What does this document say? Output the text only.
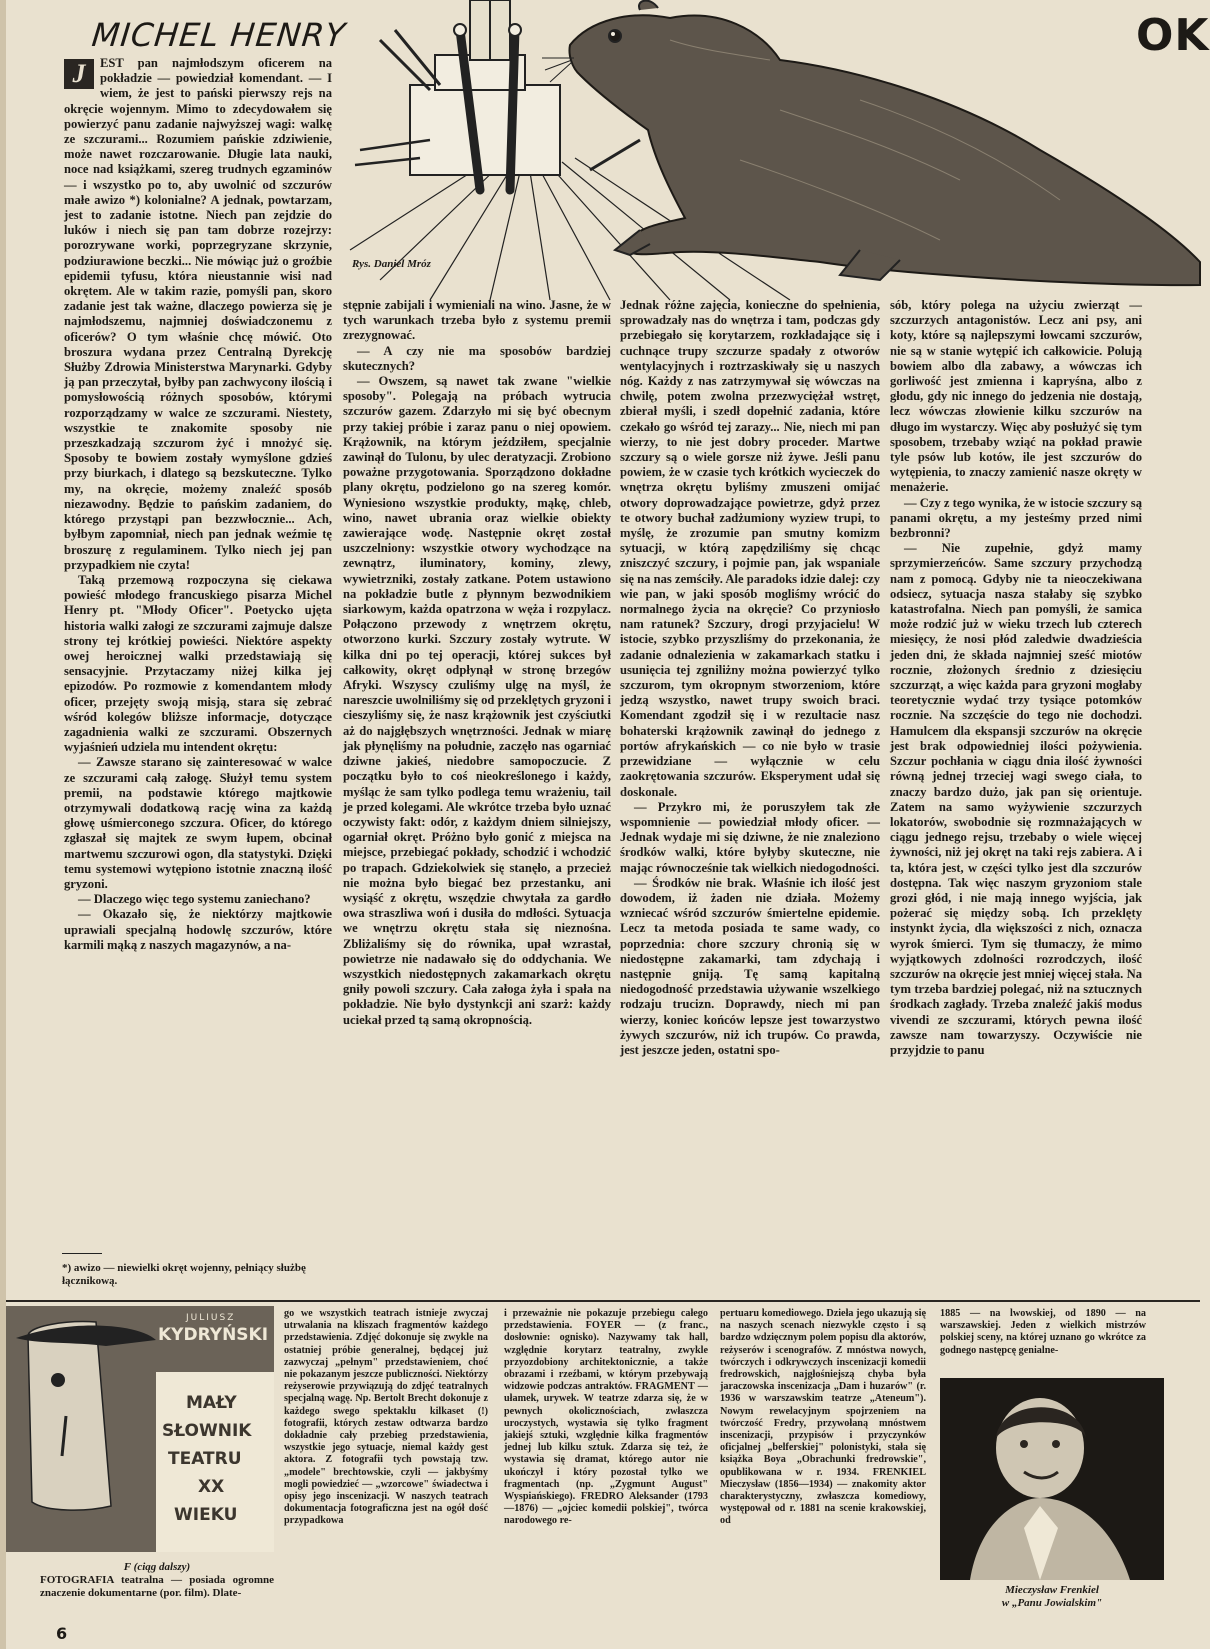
MICHEL HENRY	OK
Rys. Daniel Mróz

J	EST pan najmłodszym oficerem na pokładzie — powiedział komendant. — I wiem, że jest to pański pierwszy rejs na okręcie wojennym. Mimo to zdecydowałem się powierzyć panu zadanie najwyższej wagi: walkę ze szczurami... Rozumiem pańskie zdziwienie, może nawet rozczarowanie. Długie lata nauki, noce nad książkami, szereg trudnych egzaminów — i wszystko po to, aby uwolnić od szczurów małe awizo *) kolonialne? A jednak, powtarzam, jest to zadanie istotne. Niech pan zejdzie do luków i niech się pan tam dobrze rozejrzy: porozrywane worki, poprzegryzane skrzynie, podziurawione beczki... Nie mówiąc już o groźbie epidemii tyfusu, która nieustannie wisi nad okrętem. Ale w takim razie, pomyśli pan, skoro zadanie jest tak ważne, dlaczego powierza się je najmłodszemu, najmniej doświadczonemu z oficerów? O tym właśnie chcę mówić. Oto broszura wydana przez Centralną Dyrekcję Służby Zdrowia Ministerstwa Marynarki. Gdyby ją pan przeczytał, byłby pan zachwycony ilością i pomysłowością różnych sposobów, którymi rozporządzamy w walce ze szczurami. Niestety, wszystkie te znakomite sposoby nie przeszkadzają szczurom żyć i mnożyć się. Sposoby te bowiem zostały wymyślone gdzieś przy biurkach, i dlatego są bezskuteczne. Tylko my, na okręcie, możemy znaleźć sposób niezawodny. Będzie to pańskim zadaniem, do którego przystąpi pan bezzwłocznie... Ach, byłbym zapomniał, niech pan jednak weźmie tę broszurę z regulaminem. Tylko niech jej pan przypadkiem nie czyta!

Taką przemową rozpoczyna się ciekawa powieść młodego francuskiego pisarza Michel Henry pt. "Młody Oficer". Poetycko ujęta historia walki załogi ze szczurami zajmuje dalsze strony tej krótkiej powieści. Niektóre aspekty owej heroicznej walki przedstawiają się sensacyjnie. Przytaczamy niżej kilka jej epizodów. Po rozmowie z komendantem młody oficer, przejęty swoją misją, stara się zebrać wśród kolegów bliższe informacje, dotyczące zagadnienia walki ze szczurami. Obszernych wyjaśnień udziela mu intendent okrętu:

— Zawsze starano się zainteresować w walce ze szczurami całą załogę. Służył temu system premii, na podstawie którego majtkowie otrzymywali dodatkową rację wina za każdą głowę uśmierconego szczura. Oficer, do którego zgłaszał się majtek ze swym łupem, obcinał martwemu szczurowi ogon, dla statystyki. Dzięki temu systemowi wytępiono istotnie znaczną ilość gryzoni.

— Dlaczego więc tego systemu zaniechano?

— Okazało się, że niektórzy majtkowie uprawiali specjalną hodowlę szczurów, które karmili mąką z naszych magazynów, a na-

*) awizo — niewielki okręt wojenny, pełniący służbę łącznikową.

stępnie zabijali i wymieniali na wino. Jasne, że w tych warunkach trzeba było z systemu premii zrezygnować.

— A czy nie ma sposobów bardziej skutecznych?

— Owszem, są nawet tak zwane "wielkie sposoby". Polegają na próbach wytrucia szczurów gazem. Zdarzyło mi się być obecnym przy takiej próbie i zaraz panu o niej opowiem. Krążownik, na którym jeździłem, specjalnie zawinął do Tulonu, by ulec deratyzacji. Zrobiono poważne przygotowania. Sporządzono dokładne plany okrętu, podzielono go na szereg komór. Wyniesiono wszystkie produkty, mąkę, chleb, wino, nawet ubrania oraz wielkie obiekty zawierające wodę. Następnie okręt został uszczelniony: wszystkie otwory wychodzące na zewnątrz, iluminatory, kominy, zlewy, wywietrzniki, zostały zatkane. Potem ustawiono na pokładzie butle z płynnym bezwodnikiem siarkowym, każda opatrzona w węża i rozpylacz. Połączono przewody z wnętrzem okrętu, otworzono kurki. Szczury zostały wytrute. W kilka dni po tej operacji, której sukces był całkowity, okręt odpłynął w stronę brzegów Afryki. Wszyscy czuliśmy ulgę na myśl, że nareszcie uwolniliśmy się od przeklętych gryzoni i cieszyliśmy się, że nasz krążownik jest czyściutki aż do najgłębszych wnętrzności. Jednak w miarę jak płynęliśmy na południe, zaczęło nas ogarniać dziwne jakieś, niedobre samopoczucie. Z początku było to coś nieokreślonego i każdy, myśląc że sam tylko podlega temu wrażeniu, tail je przed kolegami. Ale wkrótce trzeba było uznać oczywisty fakt: odór, z każdym dniem silniejszy, ogarniał okręt. Próżno było gonić z miejsca na miejsce, przebiegać pokłady, schodzić i wchodzić po trapach. Gdziekolwiek się stanęło, a przecież nie można było biegać bez przestanku, ani wysiąść z okrętu, wszędzie chwytała za gardło owa straszliwa woń i dusiła do mdłości. Sytuacja we wnętrzu okrętu stała się nieznośna. Zbliżaliśmy się do równika, upał wzrastał, powietrze nie nadawało się do oddychania. We wszystkich niedostępnych zakamarkach okrętu gniły powoli szczury. Cała załoga żyła i spała na pokładzie. Nie było dystynkcji ani szarż: każdy uciekał przed tą samą okropnością.

Jednak różne zajęcia, konieczne do spełnienia, sprowadzały nas do wnętrza i tam, podczas gdy przebiegało się korytarzem, rozkładające się i cuchnące trupy szczurze spadały z otworów wentylacyjnych i roztrzaskiwały się u naszych nóg. Każdy z nas zatrzymywał się wówczas na chwilę, potem zwolna przezwyciężał wstręt, zbierał myśli, i szedł dopełnić zadania, które czekało go wśród tej zarazy... Nie, niech mi pan wierzy, to nie jest dobry proceder. Martwe szczury są o wiele gorsze niż żywe. Jeśli panu powiem, że w czasie tych krótkich wycieczek do wnętrza okrętu byliśmy zmuszeni omijać otwory doprowadzające powietrze, gdyż przez te otwory buchał zadżumiony wyziew trupi, to myślę, że zrozumie pan smutny komizm sytuacji, w którą zapędziliśmy się chcąc zniszczyć szczury, i pojmie pan, jak wspaniale się na nas zemściły. Ale paradoks idzie dalej: czy wie pan, w jaki sposób mogliśmy wrócić do normalnego życia na okręcie? Co przyniosło nam ratunek? Szczury, drogi przyjacielu! W istocie, szybko przyszliśmy do przekonania, że zadanie odnalezienia w zakamarkach statku i usunięcia tej zgniliżny można powierzyć tylko szczurom, tym okropnym stworzeniom, które jedzą wszystko, nawet trupy swoich braci. Komendant zgodził się i w rezultacie nasz bohaterski krążownik zawinął do jednego z portów afrykańskich — co nie było w trasie przewidziane — wyłącznie w celu zaokrętowania szczurów. Eksperyment udał się doskonale.

— Przykro mi, że poruszyłem tak złe wspomnienie — powiedział młody oficer. — Jednak wydaje mi się dziwne, że nie znaleziono środków walki, które byłyby skuteczne, nie mając równocześnie tak wielkich niedogodności.

— Środków nie brak. Właśnie ich ilość jest dowodem, iż żaden nie działa. Możemy wzniecać wśród szczurów śmiertelne epidemie. Lecz ta metoda posiada te same wady, co poprzednia: chore szczury chronią się w niedostępne zakamarki, tam zdychają i następnie gniją. Tę samą kapitalną niedogodność przedstawia używanie wszelkiego rodzaju trucizn. Doprawdy, niech mi pan wierzy, koniec końców lepsze jest towarzystwo żywych szczurów, niż ich trupów. Co prawda, jest jeszcze jeden, ostatni spo-

sób, który polega na użyciu zwierząt — szczurzych antagonistów. Lecz ani psy, ani koty, które są najlepszymi łowcami szczurów, nie są w stanie wytępić ich całkowicie. Polują bowiem albo dla zabawy, a wówczas ich gorliwość jest zmienna i kapryśna, albo z głodu, gdy nic innego do jedzenia nie dostają, lecz wówczas złowienie kilku szczurów na długo im wystarczy. Więc aby posłużyć się tym sposobem, trzebaby wziąć na pokład prawie tyle psów lub kotów, ile jest szczurów do wytępienia, to znaczy zamienić nasze okręty w menażerie.

— Czy z tego wynika, że w istocie szczury są panami okrętu, a my jesteśmy przed nimi bezbronni?

— Nie zupełnie, gdyż mamy sprzymierzeńców. Same szczury przychodzą nam z pomocą. Gdyby nie ta nieoczekiwana odsiecz, sytuacja nasza stałaby się szybko katastrofalna. Niech pan pomyśli, że samica może rodzić już w wieku trzech lub czterech miesięcy, że nosi płód zaledwie dwadzieścia jeden dni, że składa najmniej sześć miotów rocznie, złożonych średnio z dziesięciu szczurząt, a więc każda para gryzoni mogłaby teoretycznie wydać trzy tysiące potomków rocznie. Na szczęście do tego nie dochodzi. Hamulcem dla ekspansji szczurów na okręcie jest brak odpowiedniej ilości pożywienia. Szczur pochłania w ciągu dnia ilość żywności równą jednej trzeciej wagi swego ciała, to znaczy bardzo dużo, jak pan się orientuje. Zatem na samo wyżywienie szczurzych lokatorów, swobodnie się rozmnażających w ciągu jednego rejsu, trzebaby o wiele więcej żywności, niż jej okręt na taki rejs zabiera. A i ta, która jest, w części tylko jest dla szczurów dostępna. Tak więc naszym gryzoniom stale grozi głód, i nie mają innego wyjścia, jak pożerać się między sobą. Ich przeklęty instynkt życia, dla większości z nich, oznacza wyrok śmierci. Tym się tłumaczy, że mimo wyjątkowych zdolności rozrodczych, ilość szczurów na okręcie jest mniej więcej stała. Na tym trzeba bardziej polegać, niż na sztucznych środkach zagłady. Trzeba znaleźć jakiś modus vivendi ze szczurami, których pewna ilość zawsze nam towarzyszy. Oczywiście nie przyjdzie to panu

JULIUSZ
KYDRYŃSKI
MAŁY
SŁOWNIK
TEATRU
XX
WIEKU
F (ciąg dalszy)
FOTOGRAFIA teatralna — posiada ogromne znaczenie dokumentarne (por. film). Dlate-

go we wszystkich teatrach istnieje zwyczaj utrwalania na kliszach fragmentów każdego przedstawienia. Zdjęć dokonuje się zwykle na ostatniej próbie generalnej, będącej już zazwyczaj „pełnym" przedstawieniem, choć nie pokazanym jeszcze publiczności. Niektórzy reżyserowie przywiązują do zdjęć teatralnych specjalną wagę. Np. Bertolt Brecht dokonuje z każdego swego spektaklu kilkaset (!) fotografii, których zestaw odtwarza bardzo dokładnie cały przebieg przedstawienia, wszystkie jego sytuacje, niemal każdy gest aktora. Z fotografii tych powstają tzw. „modele" brechtowskie, czyli — jakbyśmy mogli powiedzieć — „wzorcowe" świadectwa i opisy jego inscenizacji. W naszych teatrach dokumentacja fotograficzna jest na ogół dość przypadkowa

i przeważnie nie pokazuje przebiegu całego przedstawienia. FOYER — (z franc., dosłownie: ognisko). Nazywamy tak hall, względnie korytarz teatralny, zwykle przyozdobiony architektonicznie, a także obrazami i rzeźbami, w którym przebywają widzowie podczas antraktów. FRAGMENT — ułamek, urywek. W teatrze zdarza się, że w pewnych okolicznościach, zwłaszcza uroczystych, wystawia się tylko fragment jakiejś sztuki, względnie kilka fragmentów jednej lub kilku sztuk. Zdarza się też, że wystawia się dramat, którego autor nie ukończył i który pozostał tylko we fragmentach (np. „Zygmunt August" Wyspiańskiego). FREDRO Aleksander (1793—1876) — „ojciec komedii polskiej", twórca narodowego re-

pertuaru komediowego. Dzieła jego ukazują się na naszych scenach niezwykle często i są bardzo wdzięcznym polem popisu dla aktorów, reżyserów i scenografów. Z mnóstwa nowych, twórczych i odkrywczych inscenizacji komedii fredrowskich, najgłośniejszą chyba była jaraczowska inscenizacja „Dam i huzarów" (r. 1936 w warszawskim teatrze „Ateneum"). Nowym rewelacyjnym spojrzeniem na twórczość Fredry, przywołaną mnóstwem inscenizacji, przypisów i przyczynków oficjalnej „belferskiej" polonistyki, stała się książka Boya „Obrachunki fredrowskie", opublikowana w r. 1934. FRENKIEL Mieczysław (1856—1934) — znakomity aktor charakterystyczny, zwłaszcza komediowy, występował od r. 1881 na scenie krakowskiej, od

1885 — na lwowskiej, od 1890 — na warszawskiej. Jeden z wielkich mistrzów polskiej sceny, na której uznano go wkrótce za godnego następcę genialne-

Mieczysław Frenkiel
w „Panu Jowialskim"
6
